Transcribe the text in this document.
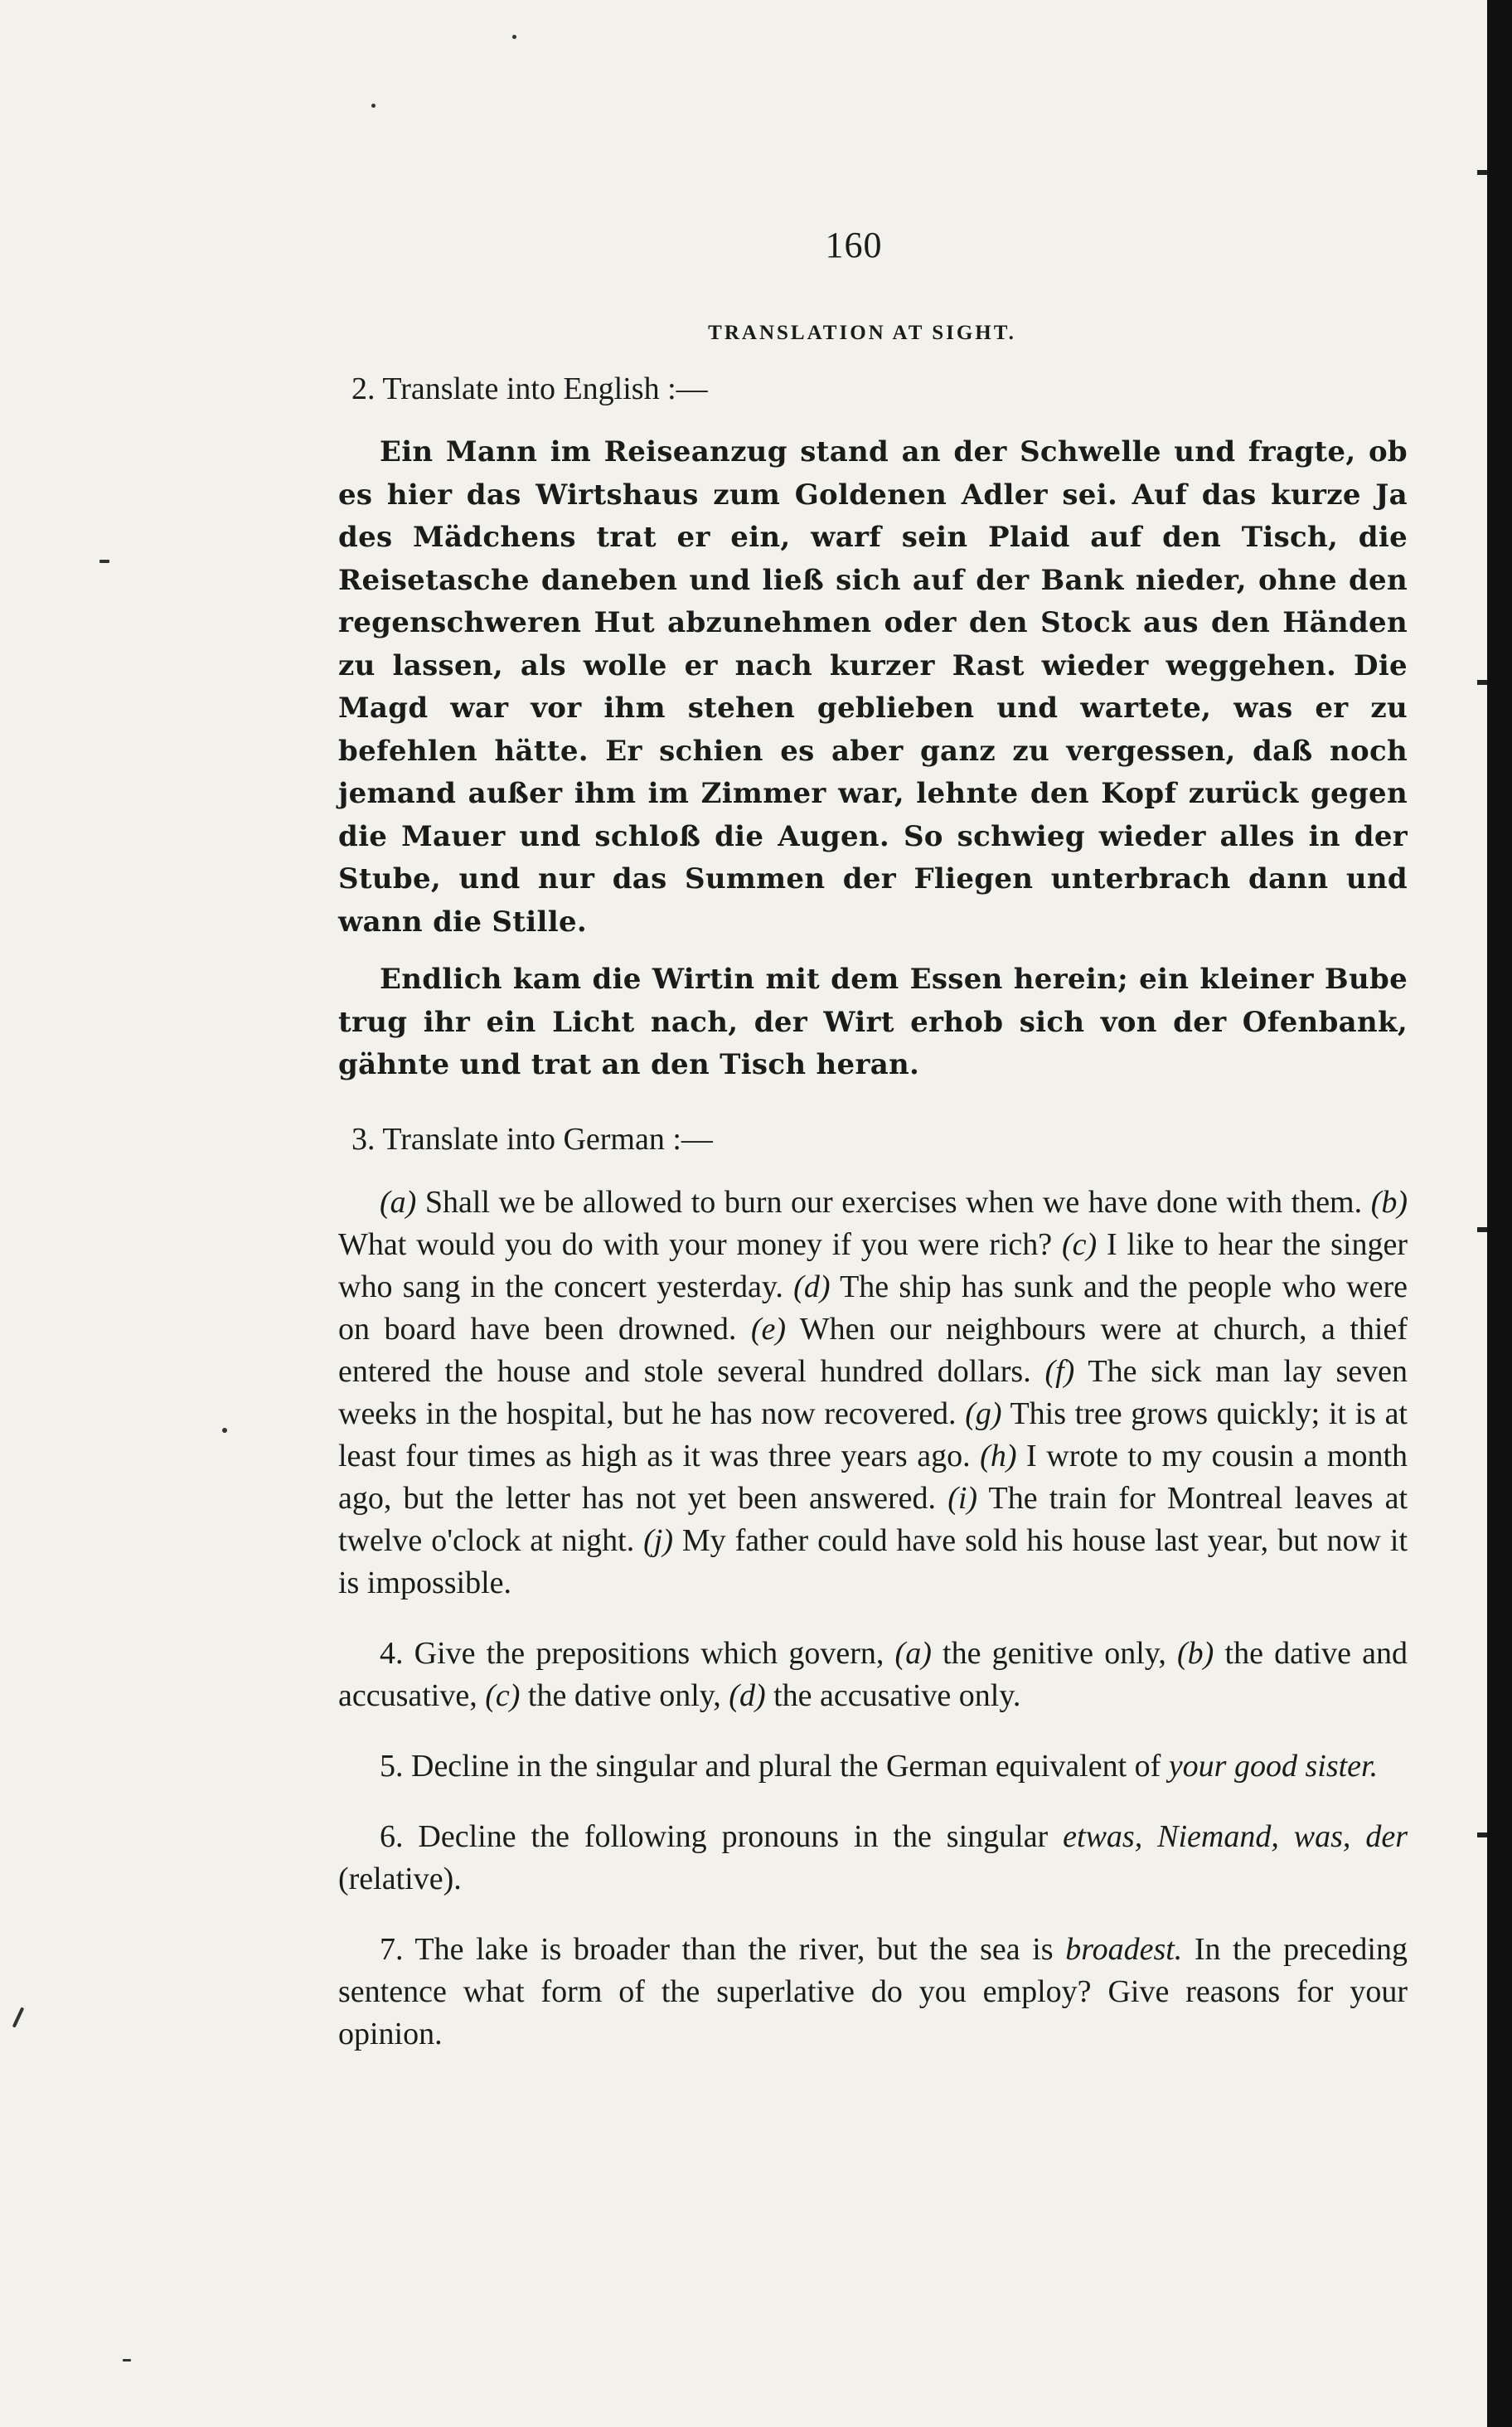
160
TRANSLATION AT SIGHT.
2. Translate into English :—

Ein Mann im Reiseanzug stand an der Schwelle und fragte, ob es hier das Wirtshaus zum Goldenen Adler sei. Auf das kurze Ja des Mädchens trat er ein, warf sein Plaid auf den Tisch, die Reisetasche daneben und ließ sich auf der Bank nieder, ohne den regenschweren Hut abzunehmen oder den Stock aus den Händen zu lassen, als wolle er nach kurzer Rast wieder weggehen. Die Magd war vor ihm stehen geblieben und wartete, was er zu befehlen hätte. Er schien es aber ganz zu vergessen, daß noch jemand außer ihm im Zimmer war, lehnte den Kopf zurück gegen die Mauer und schloß die Augen. So schwieg wieder alles in der Stube, und nur das Summen der Fliegen unterbrach dann und wann die Stille.

Endlich kam die Wirtin mit dem Essen herein; ein kleiner Bube trug ihr ein Licht nach, der Wirt erhob sich von der Ofenbank, gähnte und trat an den Tisch heran.

3. Translate into German :—

(a) Shall we be allowed to burn our exercises when we have done with them. (b) What would you do with your money if you were rich? (c) I like to hear the singer who sang in the concert yesterday. (d) The ship has sunk and the people who were on board have been drowned. (e) When our neighbours were at church, a thief entered the house and stole several hundred dollars. (f) The sick man lay seven weeks in the hospital, but he has now recovered. (g) This tree grows quickly; it is at least four times as high as it was three years ago. (h) I wrote to my cousin a month ago, but the letter has not yet been answered. (i) The train for Montreal leaves at twelve o'clock at night. (j) My father could have sold his house last year, but now it is impossible.

4. Give the prepositions which govern, (a) the genitive only, (b) the dative and accusative, (c) the dative only, (d) the accusative only.

5. Decline in the singular and plural the German equivalent of your good sister.

6. Decline the following pronouns in the singular etwas, Niemand, was, der (relative).

7. The lake is broader than the river, but the sea is broadest. In the preceding sentence what form of the superlative do you employ? Give reasons for your opinion.
